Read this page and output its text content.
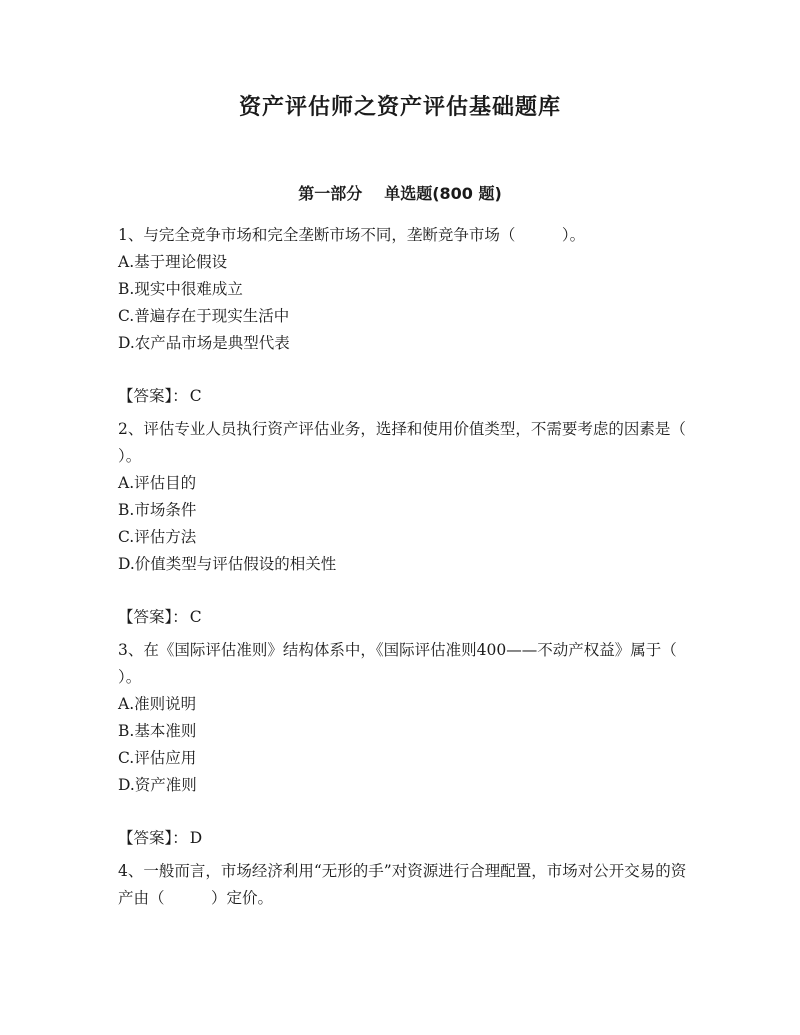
资产评估师之资产评估基础题库
第一部分 单选题(800 题)

1、与完全竞争市场和完全垄断市场不同，垄断竞争市场（　　　）。

A.基于理论假设

B.现实中很难成立

C.普遍存在于现实生活中

D.农产品市场是典型代表

【答案】： C

2、评估专业人员执行资产评估业务，选择和使用价值类型，不需要考虑的因素是（　　　）。

A.评估目的

B.市场条件

C.评估方法

D.价值类型与评估假设的相关性

【答案】： C

3、在《国际评估准则》结构体系中，《国际评估准则400——不动产权益》属于（　　　　）。

A.准则说明

B.基本准则

C.评估应用

D.资产准则

【答案】： D

4、一般而言，市场经济利用“无形的手”对资源进行合理配置，市场对公开交易的资产由（　　　）定价。
